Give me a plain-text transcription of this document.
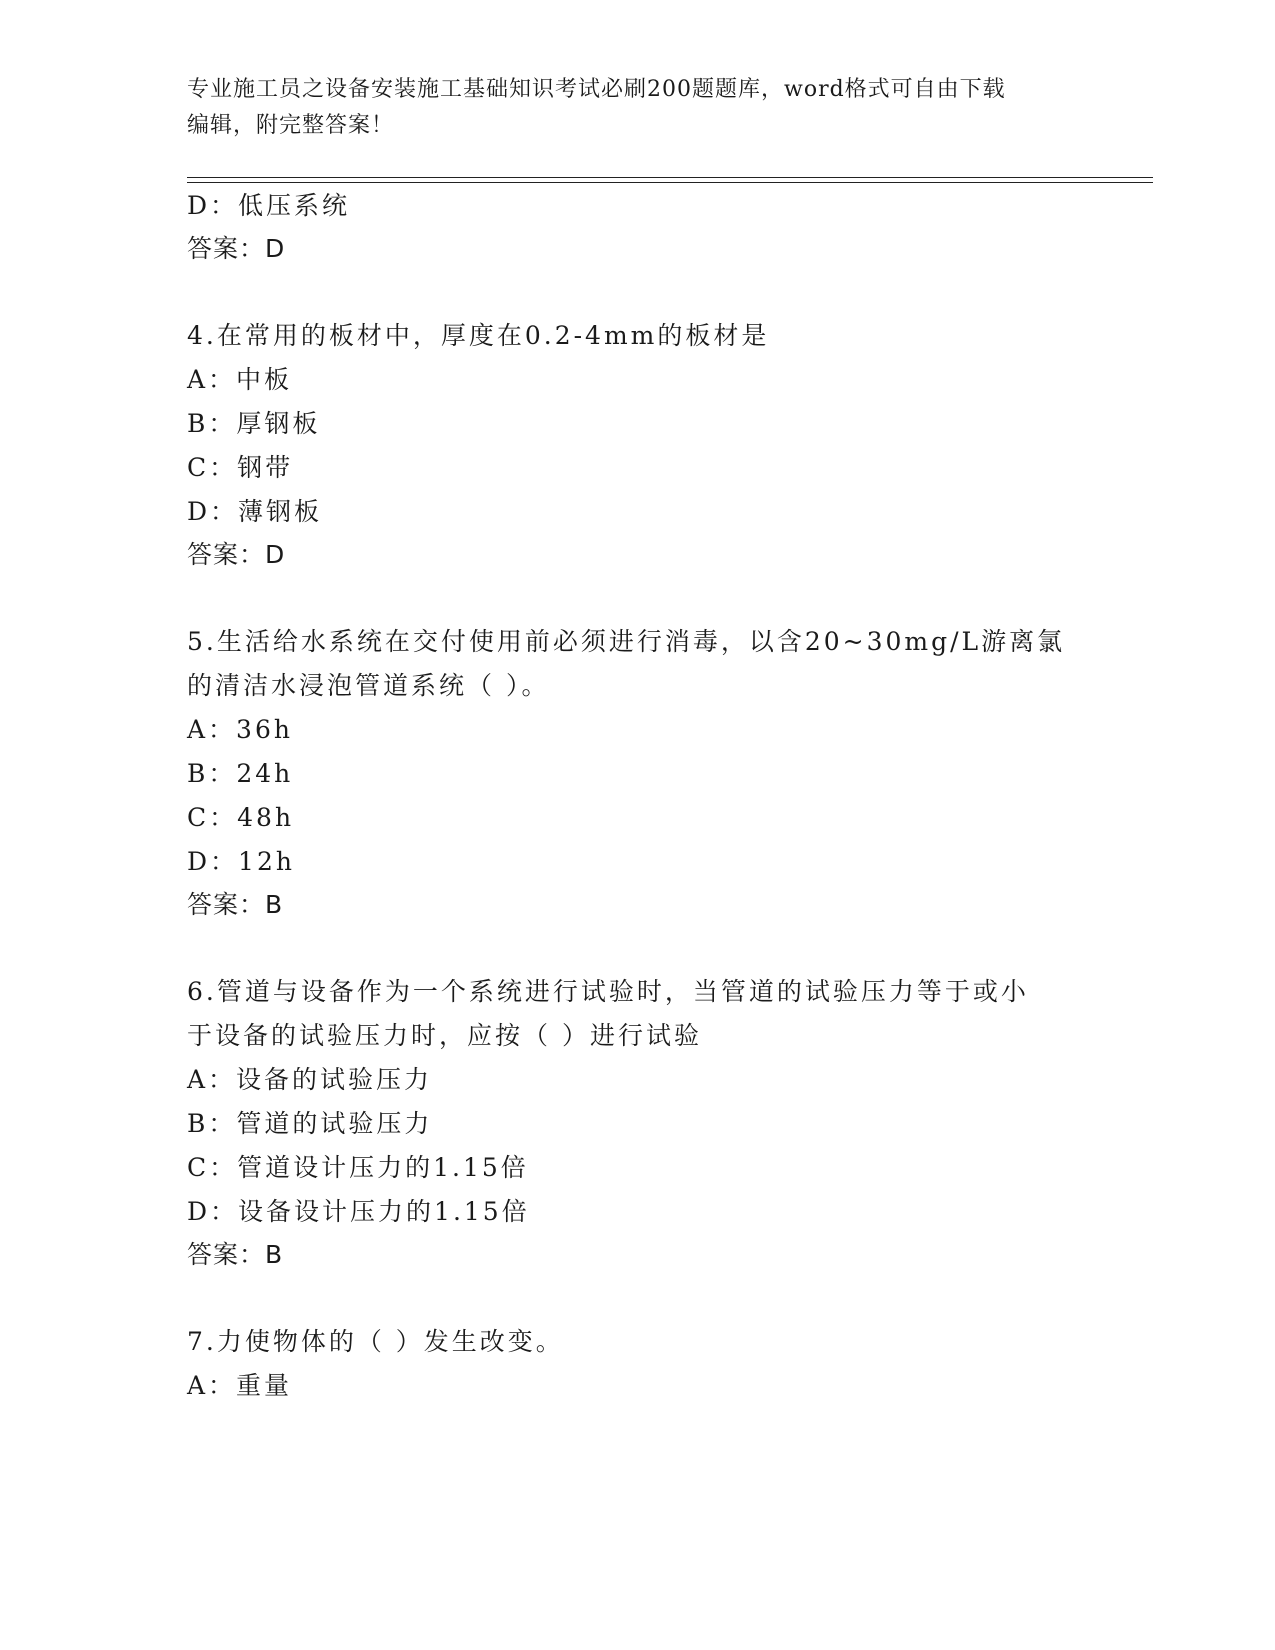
专业施工员之设备安装施工基础知识考试必刷200题题库，word格式可自由下载
编辑，附完整答案！
D：低压系统
答案：D
4.在常用的板材中，厚度在0.2-4mm的板材是
A：中板
B：厚钢板
C：钢带
D：薄钢板
答案：D
5.生活给水系统在交付使用前必须进行消毒，以含20~30mg/L游离氯
的清洁水浸泡管道系统（ ）。
A：36h
B：24h
C：48h
D：12h
答案：B
6.管道与设备作为一个系统进行试验时，当管道的试验压力等于或小
于设备的试验压力时，应按（ ）进行试验
A：设备的试验压力
B：管道的试验压力
C：管道设计压力的1.15倍
D：设备设计压力的1.15倍
答案：B
7.力使物体的（ ）发生改变。
A：重量
